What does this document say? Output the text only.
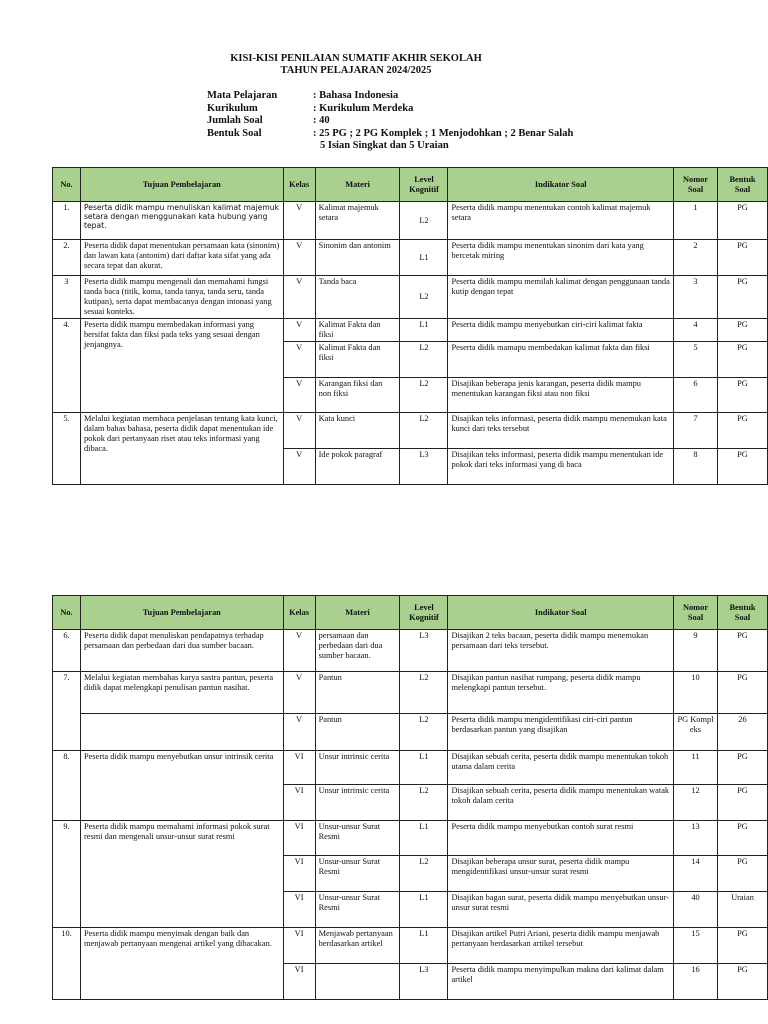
KISI-KISI PENILAIAN SUMATIF AKHIR SEKOLAH
TAHUN PELAJARAN 2024/2025
Mata Pelajaran	: Bahasa Indonesia
Kurikulum	: Kurikulum Merdeka
Jumlah Soal	: 40
Bentuk Soal	: 25 PG ; 2 PG Komplek ; 1 Menjodohkan ; 2 Benar Salah
5 Isian Singkat dan 5 Uraian
No.	Tujuan Pembelajaran	Kelas	Materi	Level Kognitif	Indikator Soal	Nomor Soal	Bentuk Soal
1.	Peserta didik mampu menuliskan kalimat majemuk setara dengan menggunakan kata hubung yang tepat.	V	Kalimat majemuk setara	L2	Peserta didik mampu menentukan contoh kalimat majemuk setara	1	PG
2.	Peserta didik dapat menentukan persamaan kata (sinonim) dan lawan kata (antonim) dari daftar kata sifat yang ada secara tepat dan akurat.	V	Sinonim dan antonim	L1	Peserta didik mampu menentukan sinonim dari kata yang bercetak miring	2	PG
3	Peserta didik mampu mengenali dan memahami fungsi tanda baca (titik, koma, tanda tanya, tanda seru, tanda kutipan), serta dapat membacanya dengan intonasi yang sesuai konteks.	V	Tanda baca	L2	Peserta didik mampu memilah kalimat dengan penggunaan tanda kutip dengan tepat	3	PG
4.	Peserta didik mampu membedakan informasi yang bersifat fakta dan fiksi pada teks yang sesuai dengan jenjangnya.	V	Kalimat Fakta dan fiksi	L1	Peserta didik mampu menyebutkan ciri-ciri kalimat fakta	4	PG
		V	Kalimat Fakta dan fiksi	L2	Peserta didik mamapu membedakan kalimat fakta dan fiksi	5	PG
		V	Karangan fiksi dan non fiksi	L2	Disajikan beberapa jenis karangan, peserta didik mampu menentukan karangan fiksi atau non fiksi	6	PG
5.	Melalui kegiatan membaca penjelasan tentang kata kunci, dalam bahas bahasa, peserta didik dapat menentukan ide pokok dari pertanyaan riset atau teks informasi yang dibaca.	V	Kata kunci	L2	Disajikan teks informasi, peserta didik mampu menemukan kata kunci dari teks tersebut	7	PG
		V	Ide pokok paragraf	L3	Disajikan teks informasi, peserta didik mampu menentukan ide pokok dari teks informasi yang di baca	8	PG
No.	Tujuan Pembelajaran	Kelas	Materi	Level Kognitif	Indikator Soal	Nomor Soal	Bentuk Soal
6.	Peserta didik dapat menuliskan pendapatnya terhadap persamaan dan perbedaan dari dua sumber bacaan.	V	persamaan dan perbedaan dari dua sumber bacaan.	L3	Disajikan 2 teks bacaan, peserta didik mampu menemukan persamaan dari teks tersebut.	9	PG
7.	Melalui kegiatan membahas karya sastra pantun, peserta didik dapat melengkapi penulisan pantun nasihat.	V	Pantun	L2	Disajikan pantun nasihat rumpang, peserta didik mampu melengkapi pantun tersebut.	10	PG
		V	Pantun	L2	Peserta didik mampu mengidentifikasi ciri-ciri pantun berdasarkan pantun yang disajikan	PG Kompl eks	26
8.	Peserta didik mampu menyebutkan unsur intrinsik cerita	VI	Unsur intrinsic cerita	L1	Disajikan sebuah cerita, peserta didik mampu menentukan tokoh utama dalam cerita	11	PG
		VI	Unsur intrinsic cerita	L2	Disajikan sebuah cerita, peserta didik mampu menentukan watak tokoh dalam cerita	12	PG
9.	Peserta didik mampu memahami informasi pokok surat resmi dan mengenali unsur-unsur surat resmi	VI	Unsur-unsur Surat Resmi	L1	Peserta didik mampu menyebutkan contoh surat resmi	13	PG
		VI	Unsur-unsur Surat Resmi	L2	Disajikan beberapa unsur surat, peserta didik mampu mengidentifikasi unsur-unsur surat resmi	14	PG
		VI	Unsur-unsur Surat Resmi	L1	Disajikan bagan surat, peserta didik mampu menyebutkan unsur-unsur surat resmi	40	Uraian
10.	Peserta didik mampu menyimak dengan baik dan menjawab pertanyaan mengenai artikel yang dibacakan.	VI	Menjawab pertanyaan berdasarkan artikel	L1	Disajikan artikel Putri Ariani, peserta didik mampu menjawab pertanyaan berdasarkan artikel tersebut	15	PG
		VI		L3	Peserta didik mampu menyimpulkan makna dari kalimat dalam artikel	16	PG
